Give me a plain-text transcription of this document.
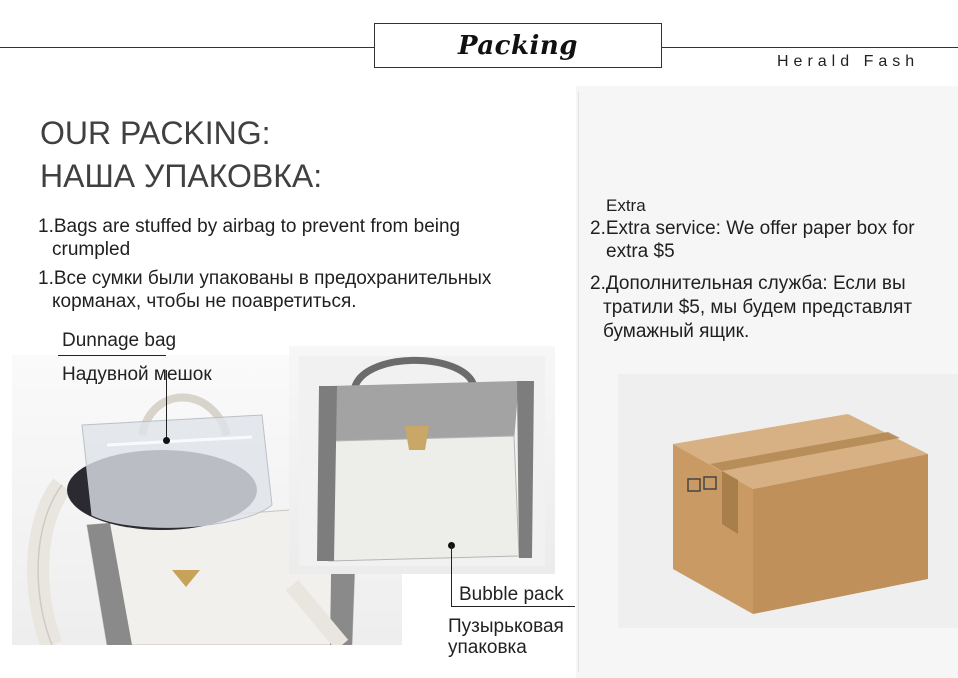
Packing
Herald Fash
OUR PACKING:
НАША УПАКОВКА:
1.Bags are stuffed by airbag to prevent from being
crumpled
1.Все сумки были упакованы в предохранительных
корманах, чтобы не поавретиться.
Dunnage bag
Надувной мешок
Bubble pack
Пузырьковая
упаковка
Extra
2.Extra service: We offer paper box for
extra $5
2.Дополнительная служба: Если вы
тратили $5, мы будем представлят
бумажный ящик.
